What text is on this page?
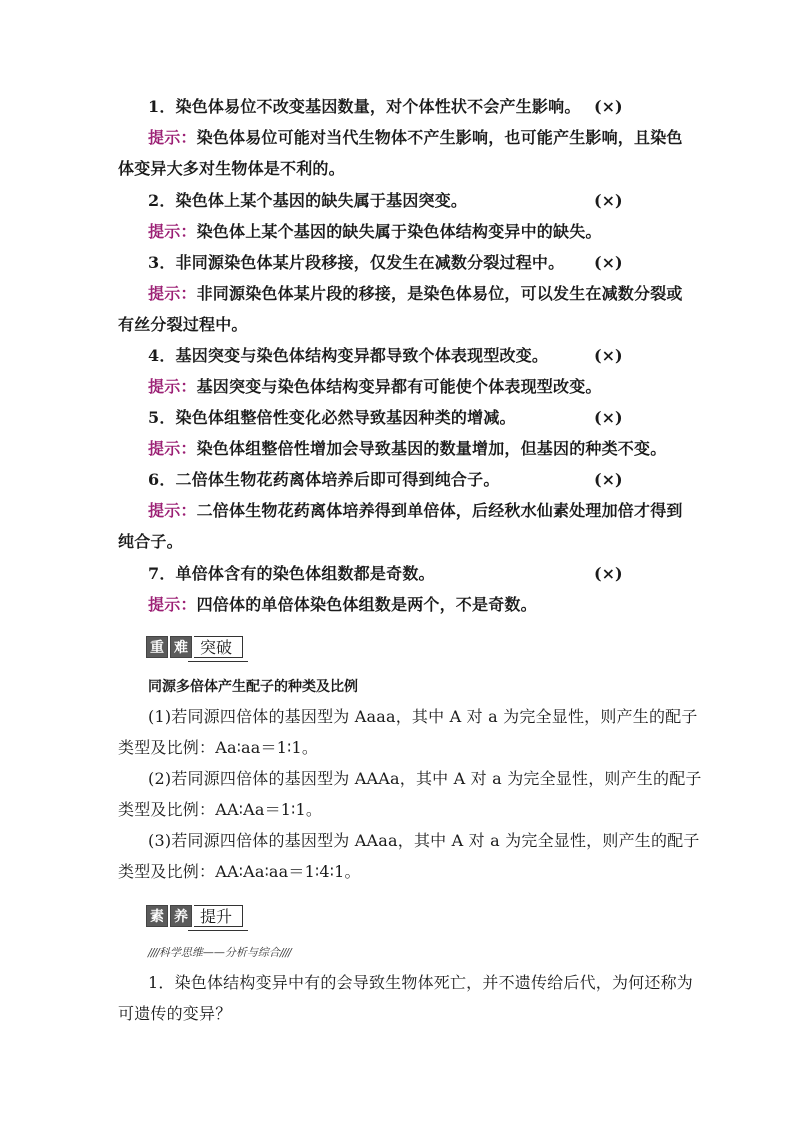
1．染色体易位不改变基因数量，对个体性状不会产生影响。 (×)
提示：染色体易位可能对当代生物体不产生影响，也可能产生影响，且染色
体变异大多对生物体是不利的。
2．染色体上某个基因的缺失属于基因突变。	(×)
提示：染色体上某个基因的缺失属于染色体结构变异中的缺失。
3．非同源染色体某片段移接，仅发生在减数分裂过程中。 (×)
提示：非同源染色体某片段的移接，是染色体易位，可以发生在减数分裂或
有丝分裂过程中。
4．基因突变与染色体结构变异都导致个体表现型改变。	(×)
提示：基因突变与染色体结构变异都有可能使个体表现型改变。
5．染色体组整倍性变化必然导致基因种类的增减。	(×)
提示：染色体组整倍性增加会导致基因的数量增加，但基因的种类不变。
6．二倍体生物花药离体培养后即可得到纯合子。	(×)
提示：二倍体生物花药离体培养得到单倍体，后经秋水仙素处理加倍才得到
纯合子。
7．单倍体含有的染色体组数都是奇数。	(×)
提示：四倍体的单倍体染色体组数是两个，不是奇数。
重 难 突破
同源多倍体产生配子的种类及比例
(1)若同源四倍体的基因型为 Aaaa，其中 A 对 a 为完全显性，则产生的配子
类型及比例：Aa∶aa＝1∶1。
(2)若同源四倍体的基因型为 AAAa，其中 A 对 a 为完全显性，则产生的配子
类型及比例：AA∶Aa＝1∶1。
(3)若同源四倍体的基因型为 AAaa，其中 A 对 a 为完全显性，则产生的配子
类型及比例：AA∶Aa∶aa＝1∶4∶1。
素 养 提升
////科学思维——分析与综合////
1．染色体结构变异中有的会导致生物体死亡，并不遗传给后代，为何还称为
可遗传的变异？
